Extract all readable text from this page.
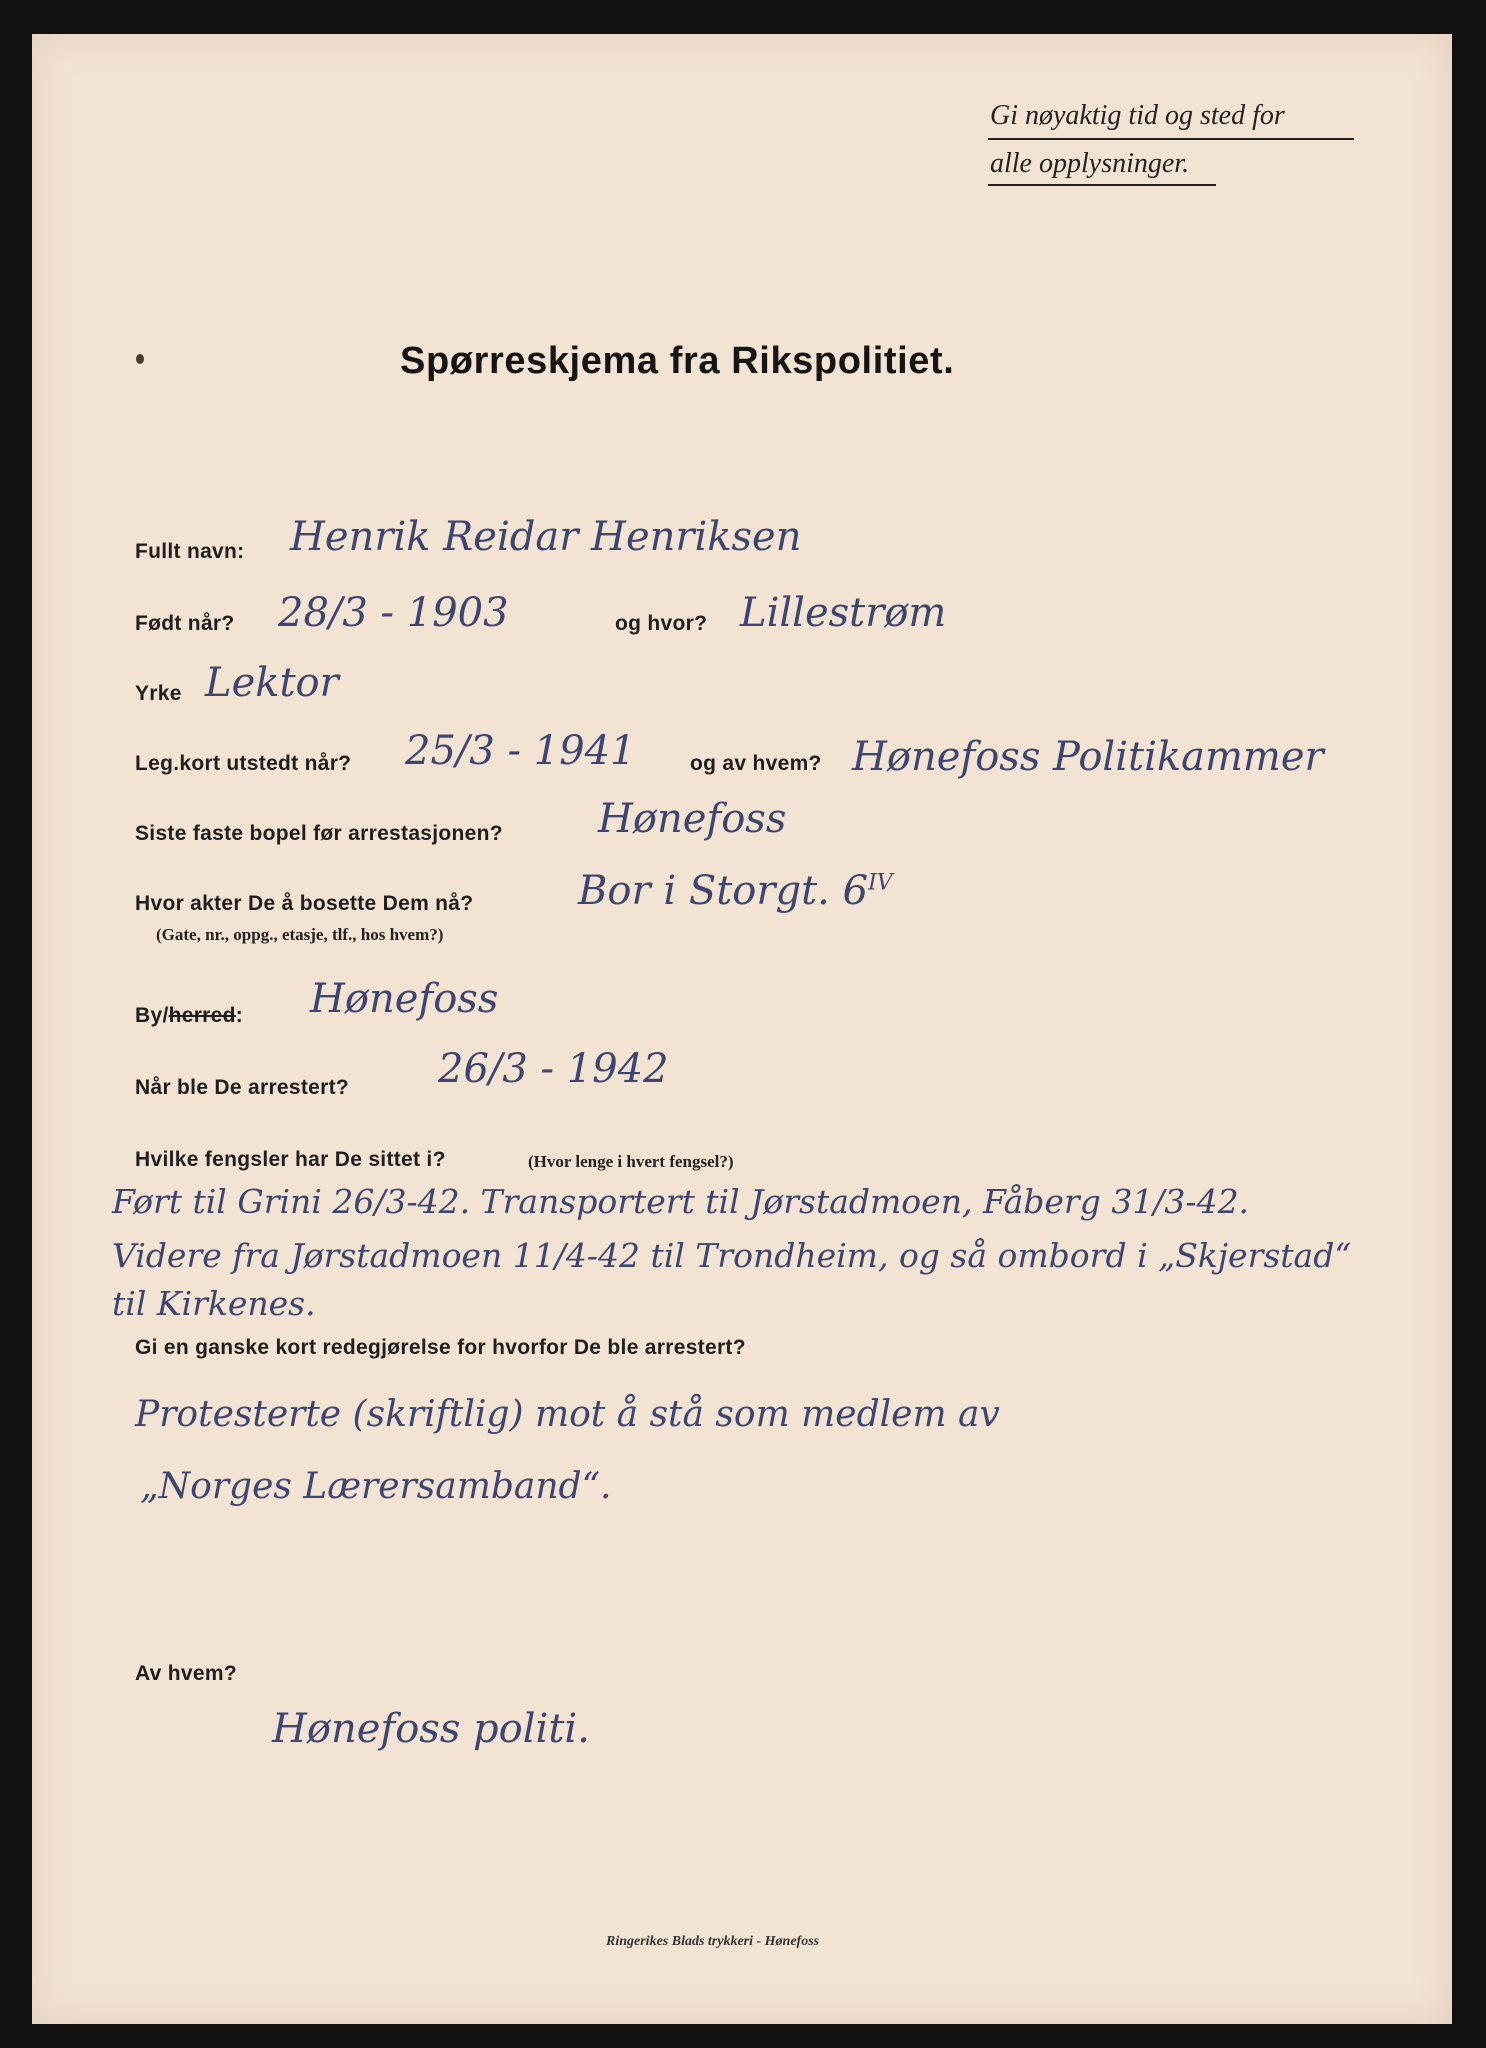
Gi nøyaktig tid og sted for
alle opplysninger.
Spørreskjema fra Rikspolitiet.
Fullt navn: Henrik Reidar Henriksen
Født når? 28/3 - 1903	og hvor? Lillestrøm
Yrke Lektor
Leg.kort utstedt når? 25/3 - 1941	og av hvem? Hønefoss Politikammer
Siste faste bopel før arrestasjonen? Hønefoss
Hvor akter De å bosette Dem nå?
(Gate, nr., oppg., etasje, tlf., hos hvem?)
Bor i Storgt. $6^{IV}$
By/herred: Hønefoss
Når ble De arrestert? 26/3 - 1942
Hvilke fengsler har De sittet i?	(Hvor lenge i hvert fengsel?)
Ført til Grini 26/3-42. Transportert til Jørstadmoen, Fåberg 31/3-42.
Videre fra Jørstadmoen 11/4-42 til Trondheim, og så ombord i „Skjerstad“
til Kirkenes.
Gi en ganske kort redegjørelse for hvorfor De ble arrestert?
Protesterte (skriftlig) mot å stå som medlem av
„Norges Lærersamband“.
Av hvem?
Hønefoss politi.
Ringerikes Blads trykkeri - Hønefoss
